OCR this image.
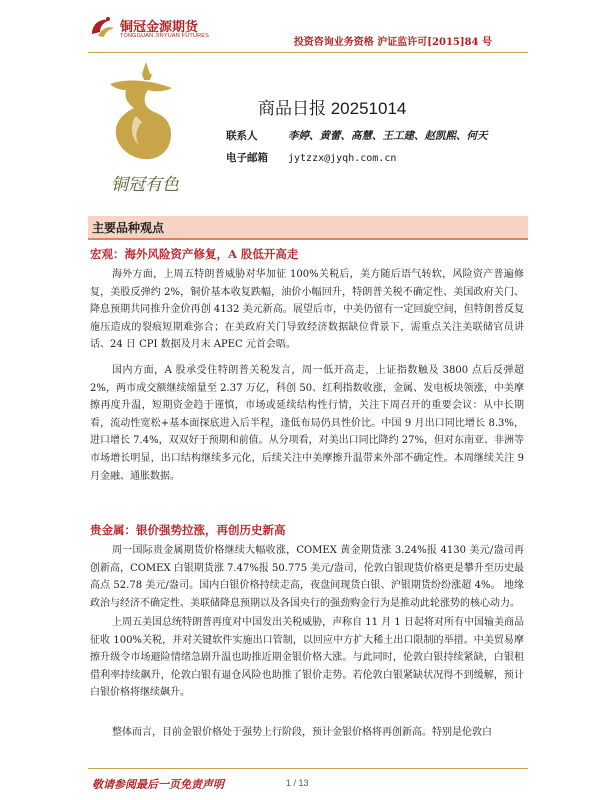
铜冠金源期货
TONGGUAN JINYUAN FUTURES
投资咨询业务资格 沪证监许可[2015]84 号
铜冠有色
商品日报 20251014
联系人	李婷、黄蕾、高慧、王工建、赵凯熙、何天
电子邮箱 jytzzx@jyqh.com.cn
主要品种观点
宏观：海外风险资产修复，A 股低开高走

海外方面，上周五特朗普威胁对华加征 100%关税后，美方随后语气转软，风险资产普遍修复，美股反弹约 2%，铜价基本收复跌幅，油价小幅回升，特朗普关税不确定性、美国政府关门、降息预期共同推升金价再创 4132 美元新高。展望后市，中美仍留有一定回旋空间，但特朗普反复施压造成的裂痕短期难弥合；在美政府关门导致经济数据缺位背景下，需重点关注美联储官员讲话、24 日 CPI 数据及月末 APEC 元首会晤。

国内方面，A 股承受住特朗普关税发言，周一低开高走，上证指数触及 3800 点后反弹超 2%，两市成交额继续缩量至 2.37 万亿，科创 50、红利指数收涨，金属、发电板块领涨，中美摩擦再度升温，短期资金趋于谨慎，市场或延续结构性行情，关注下周召开的重要会议：从中长期看，流动性宽松+基本面探底进入后半程，逢低布局仍具性价比。中国 9 月出口同比增长 8.3%，进口增长 7.4%，双双好于预期和前值。从分项看，对美出口同比降约 27%，但对东南亚、非洲等市场增长明显，出口结构继续多元化，后续关注中美摩擦升温带来外部不确定性。本周继续关注 9 月金融、通胀数据。

贵金属：银价强势拉涨，再创历史新高

周一国际贵金属期货价格继续大幅收涨，COMEX 黄金期货涨 3.24%报 4130 美元/盎司再创新高，COMEX 白银期货涨 7.47%报 50.775 美元/盎司，伦敦白银现货价格更是攀升至历史最高点 52.78 美元/盎司。国内白银价格持续走高，夜盘间现货白银、沪银期货纷纷涨超 4%。 地缘政治与经济不确定性、美联储降息预期以及各国央行的强劲购金行为是推动此轮涨势的核心动力。

上周五美国总统特朗普再度对中国发出关税威胁，声称自 11 月 1 日起将对所有中国输美商品征收 100%关税，并对关键软件实施出口管制，以回应中方扩大稀土出口限制的举措。中美贸易摩擦升级令市场避险情绪急剧升温也助推近期金银价格大涨。与此同时，伦敦白银持续紧缺，白银租借利率持续飙升，伦敦白银有逼仓风险也助推了银价走势。若伦敦白银紧缺状况得不到缓解，预计白银价格将继续飙升。

整体而言，目前金银价格处于强势上行阶段，预计金银价格将再创新高。特别是伦敦白

敬请参阅最后一页免责声明	1 / 13
